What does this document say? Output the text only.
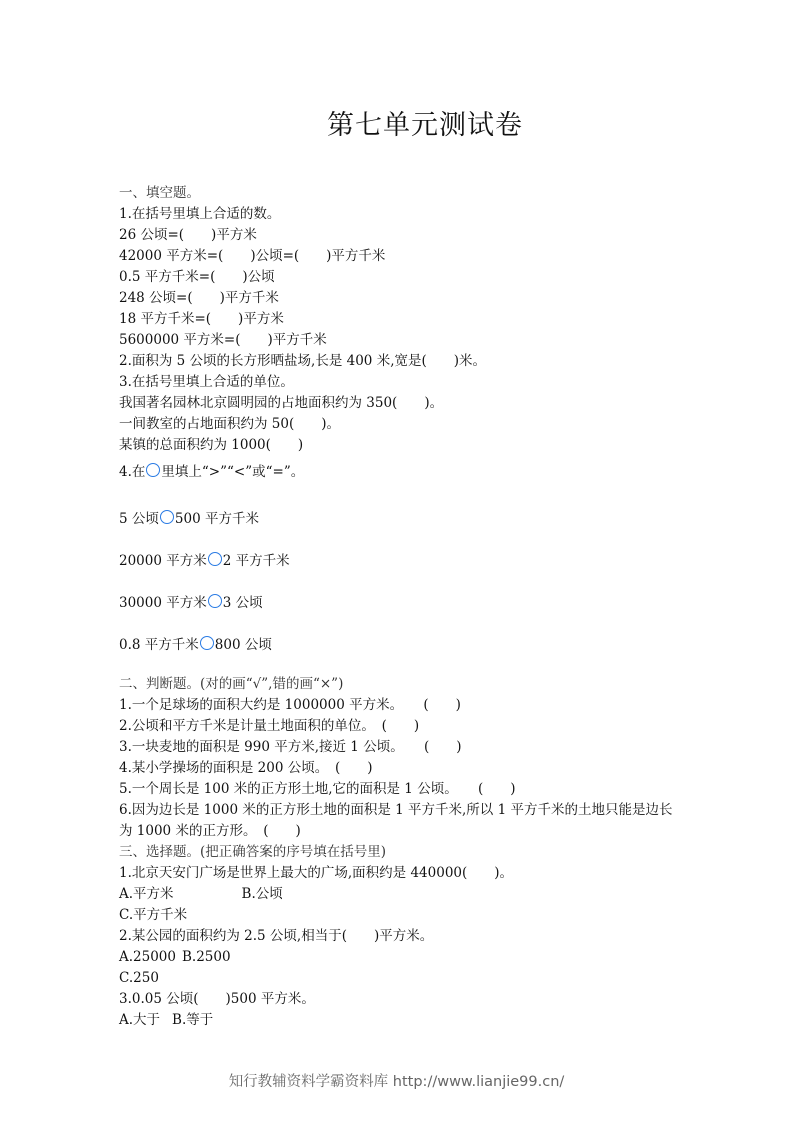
第七单元测试卷
一、填空题。
1.在括号里填上合适的数。
26 公顷=(　　)平方米
42000 平方米=(　　)公顷=(　　)平方千米
0.5 平方千米=(　　)公顷
248 公顷=(　　)平方千米
18 平方千米=(　　)平方米
5600000 平方米=(　　)平方千米
2.面积为 5 公顷的长方形晒盐场,长是 400 米,宽是(　　)米。
3.在括号里填上合适的单位。
我国著名园林北京圆明园的占地面积约为 350(　　)。
一间教室的占地面积约为 50(　　)。
某镇的总面积约为 1000(　　)
4.在 里填上“>”“<”或“=”。
5 公顷 500 平方千米
20000 平方米 2 平方千米
30000 平方米 3 公顷
0.8 平方千米 800 公顷
二、判断题。(对的画“√”,错的画“×”)
1.一个足球场的面积大约是 1000000 平方米。　　(　　)
2.公顷和平方千米是计量土地面积的单位。　(　　)
3.一块麦地的面积是 990 平方米,接近 1 公顷。　　(　　)
4.某小学操场的面积是 200 公顷。　(　　)
5.一个周长是 100 米的正方形土地,它的面积是 1 公顷。　　(　　)
6.因为边长是 1000 米的正方形土地的面积是 1 平方千米,所以 1 平方千米的土地只能是边长为 1000 米的正方形。　(　　)
三、选择题。(把正确答案的序号填在括号里)
1.北京天安门广场是世界上最大的广场,面积约是 440000(　　)。
A.平方米	B.公顷
C.平方千米
2.某公园的面积约为 2.5 公顷,相当于(　　)平方米。
A.25000 B.2500
C.250
3.0.05 公顷(　　)500 平方米。
A.大于 B.等于
知行教辅资料学霸资料库 http://www.lianjie99.cn/
